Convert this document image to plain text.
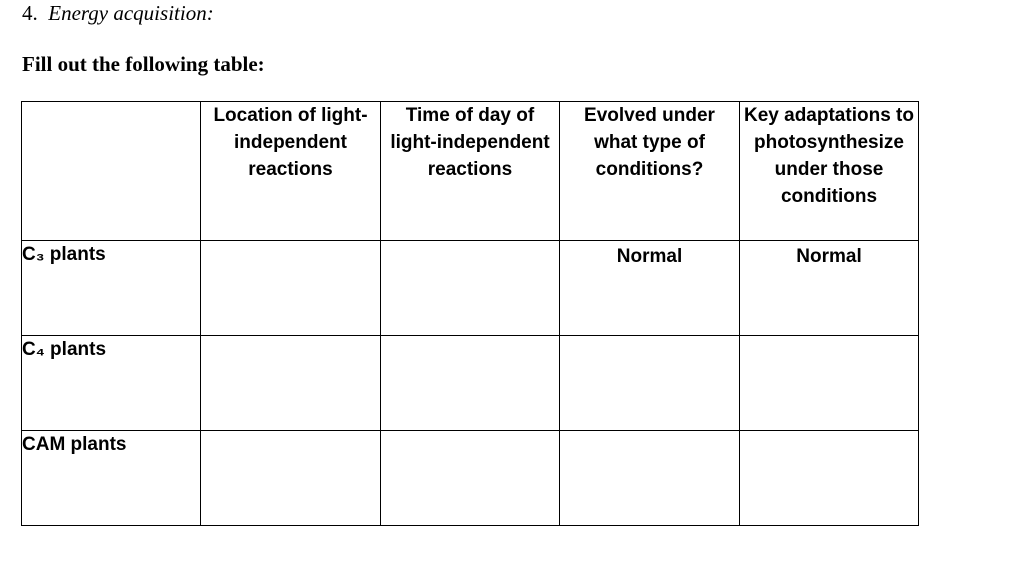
4. Energy acquisition:
Fill out the following table:
	Location of light-independent reactions	Time of day of light-independent reactions	Evolved under what type of conditions?	Key adaptations to photosynthesize under those conditions
C₃ plants			Normal	Normal
C₄ plants				
CAM plants				
